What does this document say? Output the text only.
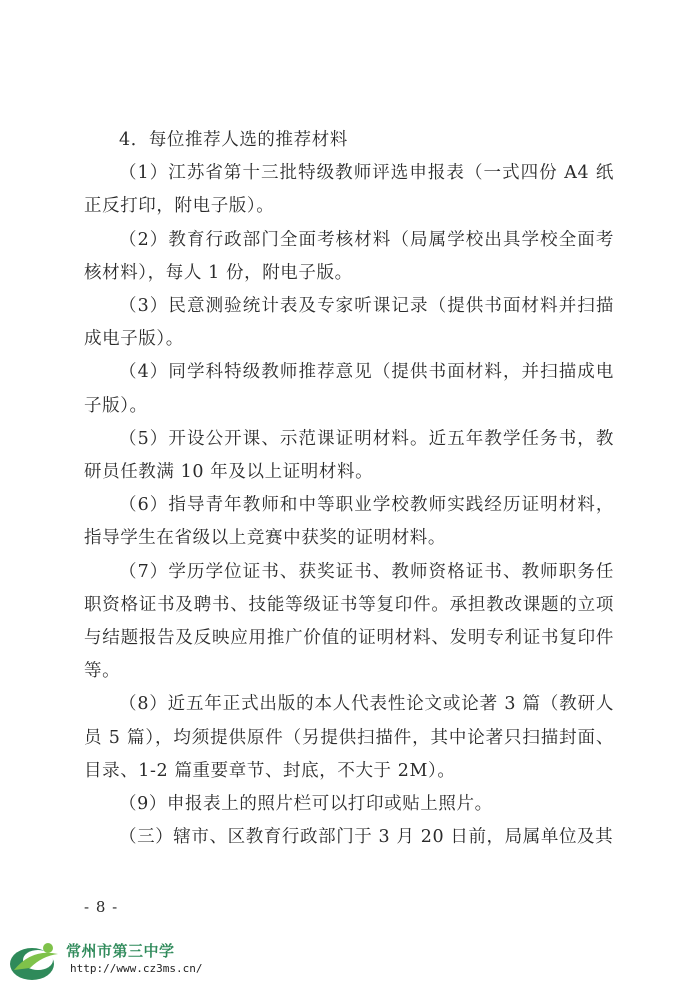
4．每位推荐人选的推荐材料
（1）江苏省第十三批特级教师评选申报表（一式四份 A4 纸正反打印，附电子版）。
（2）教育行政部门全面考核材料（局属学校出具学校全面考核材料），每人 1 份，附电子版。
（3）民意测验统计表及专家听课记录（提供书面材料并扫描成电子版）。
（4）同学科特级教师推荐意见（提供书面材料，并扫描成电子版）。
（5）开设公开课、示范课证明材料。近五年教学任务书，教研员任教满 10 年及以上证明材料。
（6）指导青年教师和中等职业学校教师实践经历证明材料，指导学生在省级以上竞赛中获奖的证明材料。
（7）学历学位证书、获奖证书、教师资格证书、教师职务任职资格证书及聘书、技能等级证书等复印件。承担教改课题的立项与结题报告及反映应用推广价值的证明材料、发明专利证书复印件等。
（8）近五年正式出版的本人代表性论文或论著 3 篇（教研人员 5 篇），均须提供原件（另提供扫描件，其中论著只扫描封面、目录、1-2 篇重要章节、封底，不大于 2M）。
（9）申报表上的照片栏可以打印或贴上照片。
（三）辖市、区教育行政部门于 3 月 20 日前，局属单位及其
- 8 -
常州市第三中学
http://www.cz3ms.cn/
